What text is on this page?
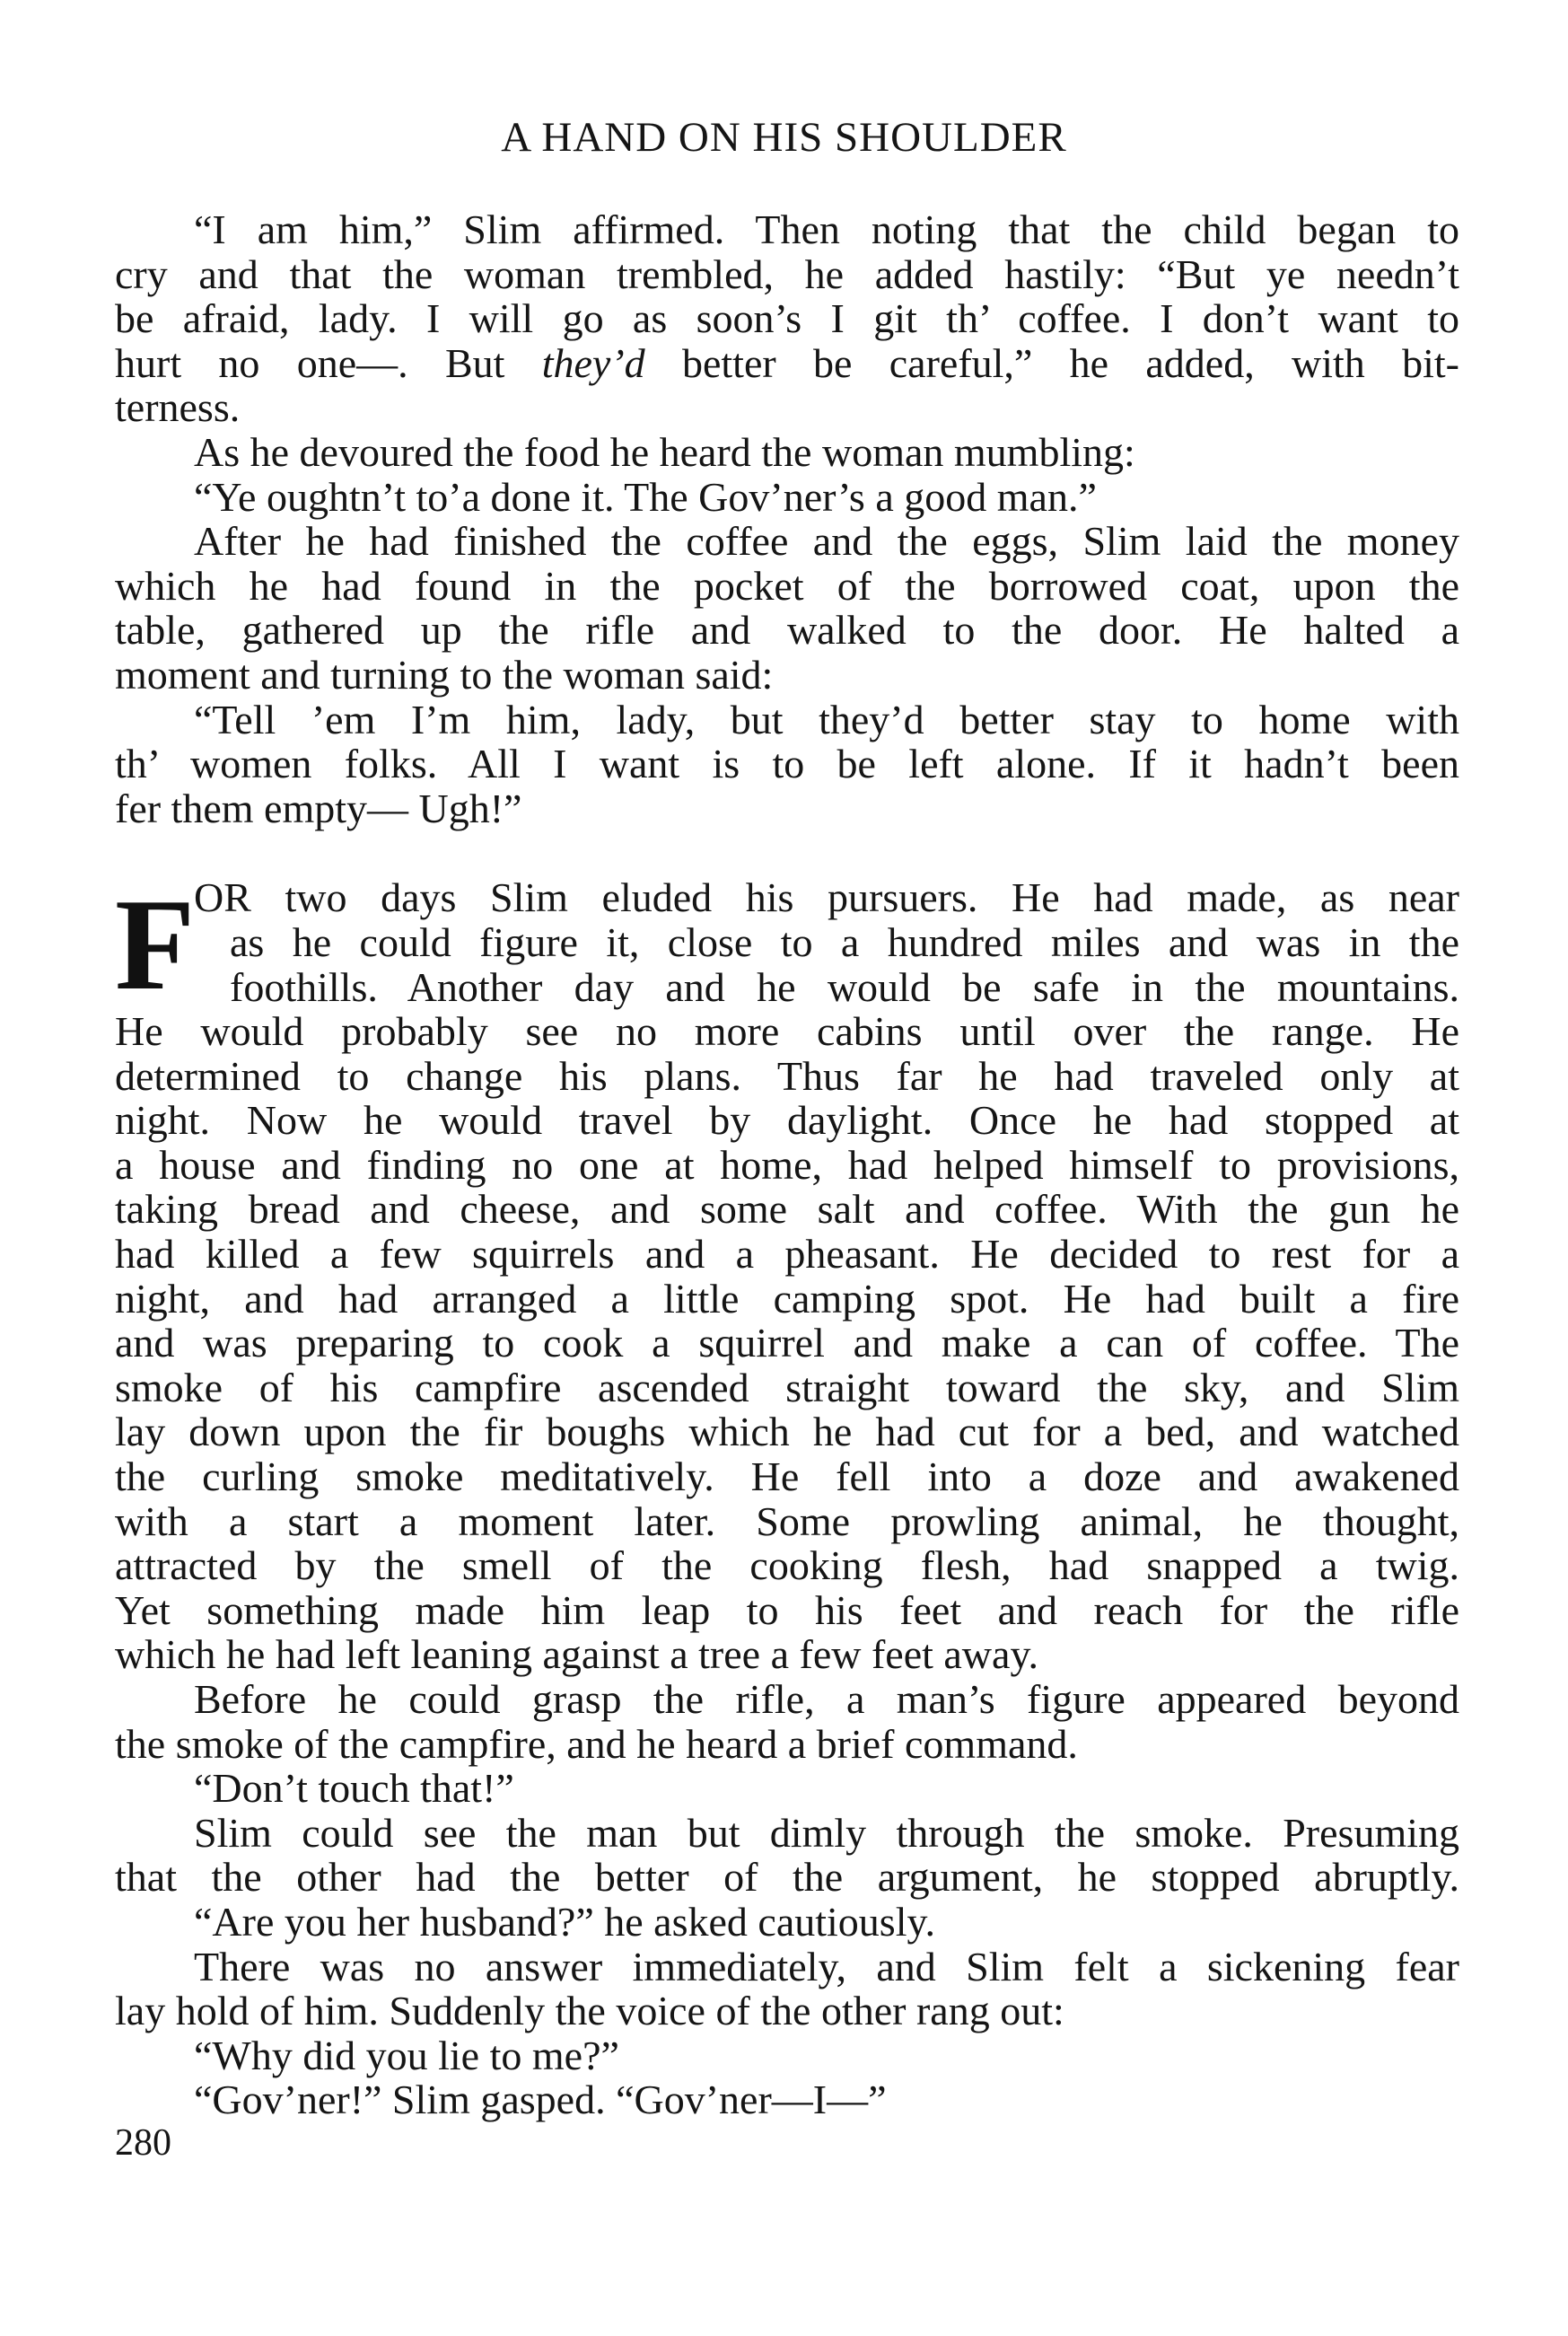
A HAND ON HIS SHOULDER
“I am him,” Slim affirmed. Then noting that the child began to
cry and that the woman trembled, he added hastily: “But ye needn’t
be afraid, lady. I will go as soon’s I git th’ coffee. I don’t want to
hurt no one—. But they’d better be careful,” he added, with bit-
terness.
As he devoured the food he heard the woman mumbling:
“Ye oughtn’t to’a done it. The Gov’ner’s a good man.”
After he had finished the coffee and the eggs, Slim laid the money
which he had found in the pocket of the borrowed coat, upon the
table, gathered up the rifle and walked to the door. He halted a
moment and turning to the woman said:
“Tell ’em I’m him, lady, but they’d better stay to home with
th’ women folks. All I want is to be left alone. If it hadn’t been
fer them empty— Ugh!”
F
OR two days Slim eluded his pursuers. He had made, as near
as he could figure it, close to a hundred miles and was in the
foothills. Another day and he would be safe in the mountains.
He would probably see no more cabins until over the range. He
determined to change his plans. Thus far he had traveled only at
night. Now he would travel by daylight. Once he had stopped at
a house and finding no one at home, had helped himself to provisions,
taking bread and cheese, and some salt and coffee. With the gun he
had killed a few squirrels and a pheasant. He decided to rest for a
night, and had arranged a little camping spot. He had built a fire
and was preparing to cook a squirrel and make a can of coffee. The
smoke of his campfire ascended straight toward the sky, and Slim
lay down upon the fir boughs which he had cut for a bed, and watched
the curling smoke meditatively. He fell into a doze and awakened
with a start a moment later. Some prowling animal, he thought,
attracted by the smell of the cooking flesh, had snapped a twig.
Yet something made him leap to his feet and reach for the rifle
which he had left leaning against a tree a few feet away.
Before he could grasp the rifle, a man’s figure appeared beyond
the smoke of the campfire, and he heard a brief command.
“Don’t touch that!”
Slim could see the man but dimly through the smoke. Presuming
that the other had the better of the argument, he stopped abruptly.
“Are you her husband?” he asked cautiously.
There was no answer immediately, and Slim felt a sickening fear
lay hold of him. Suddenly the voice of the other rang out:
“Why did you lie to me?”
“Gov’ner!” Slim gasped. “Gov’ner—I—”
280
